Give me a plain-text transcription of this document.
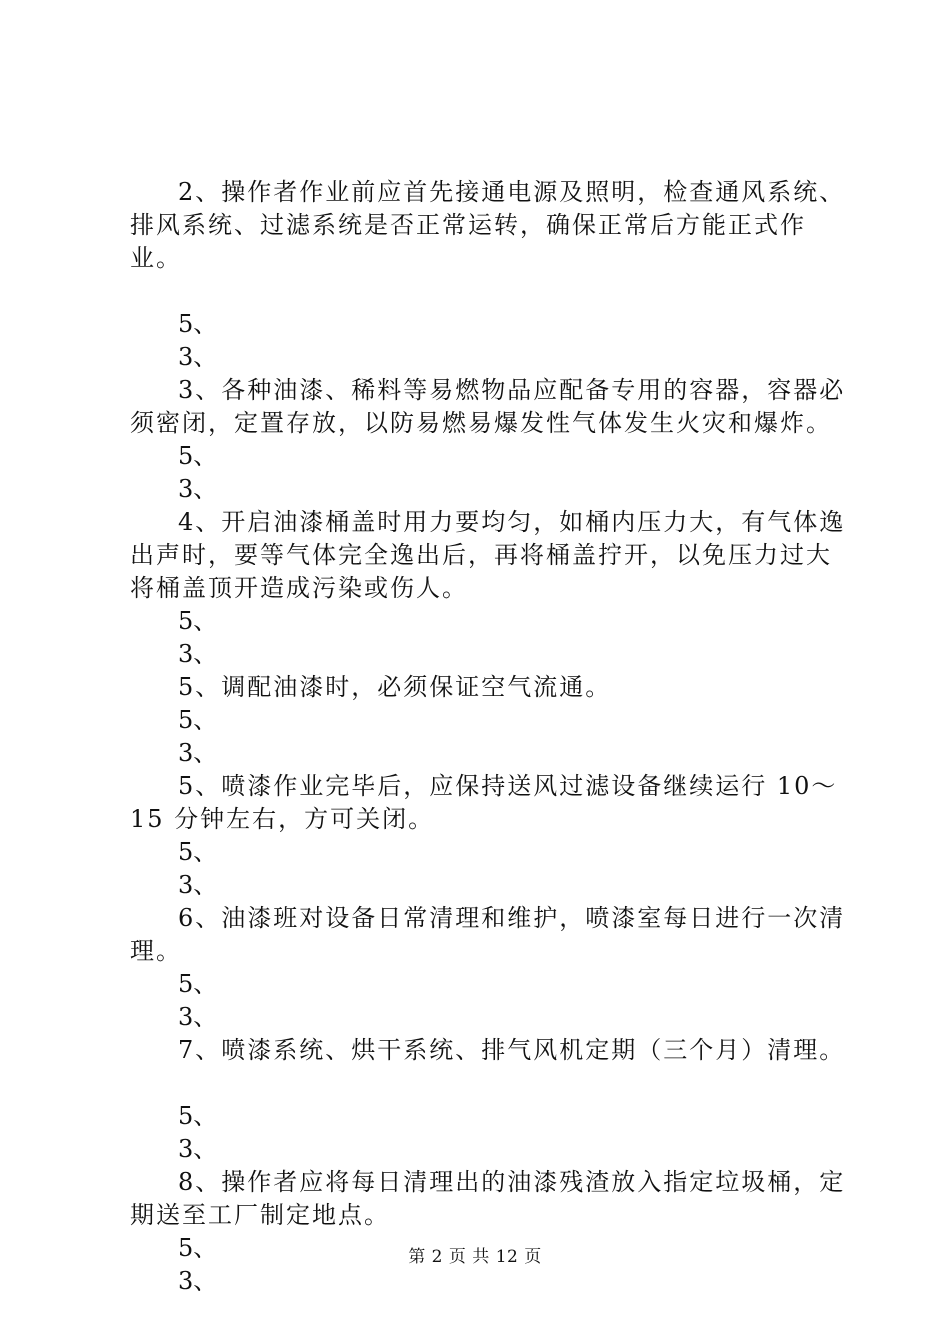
2、操作者作业前应首先接通电源及照明，检查通风系统、排风系统、过滤系统是否正常运转，确保正常后方能正式作业。

5、

3、

3、各种油漆、稀料等易燃物品应配备专用的容器，容器必须密闭，定置存放，以防易燃易爆发性气体发生火灾和爆炸。

5、

3、

4、开启油漆桶盖时用力要均匀，如桶内压力大，有气体逸出声时，要等气体完全逸出后，再将桶盖拧开，以免压力过大将桶盖顶开造成污染或伤人。

5、

3、

5、调配油漆时，必须保证空气流通。

5、

3、

5、喷漆作业完毕后，应保持送风过滤设备继续运行 10～15 分钟左右，方可关闭。

5、

3、

6、油漆班对设备日常清理和维护，喷漆室每日进行一次清理。

5、

3、

7、喷漆系统、烘干系统、排气风机定期（三个月）清理。

5、

3、

8、操作者应将每日清理出的油漆残渣放入指定垃圾桶，定期送至工厂制定地点。

5、

3、

第 2 页 共 12 页
